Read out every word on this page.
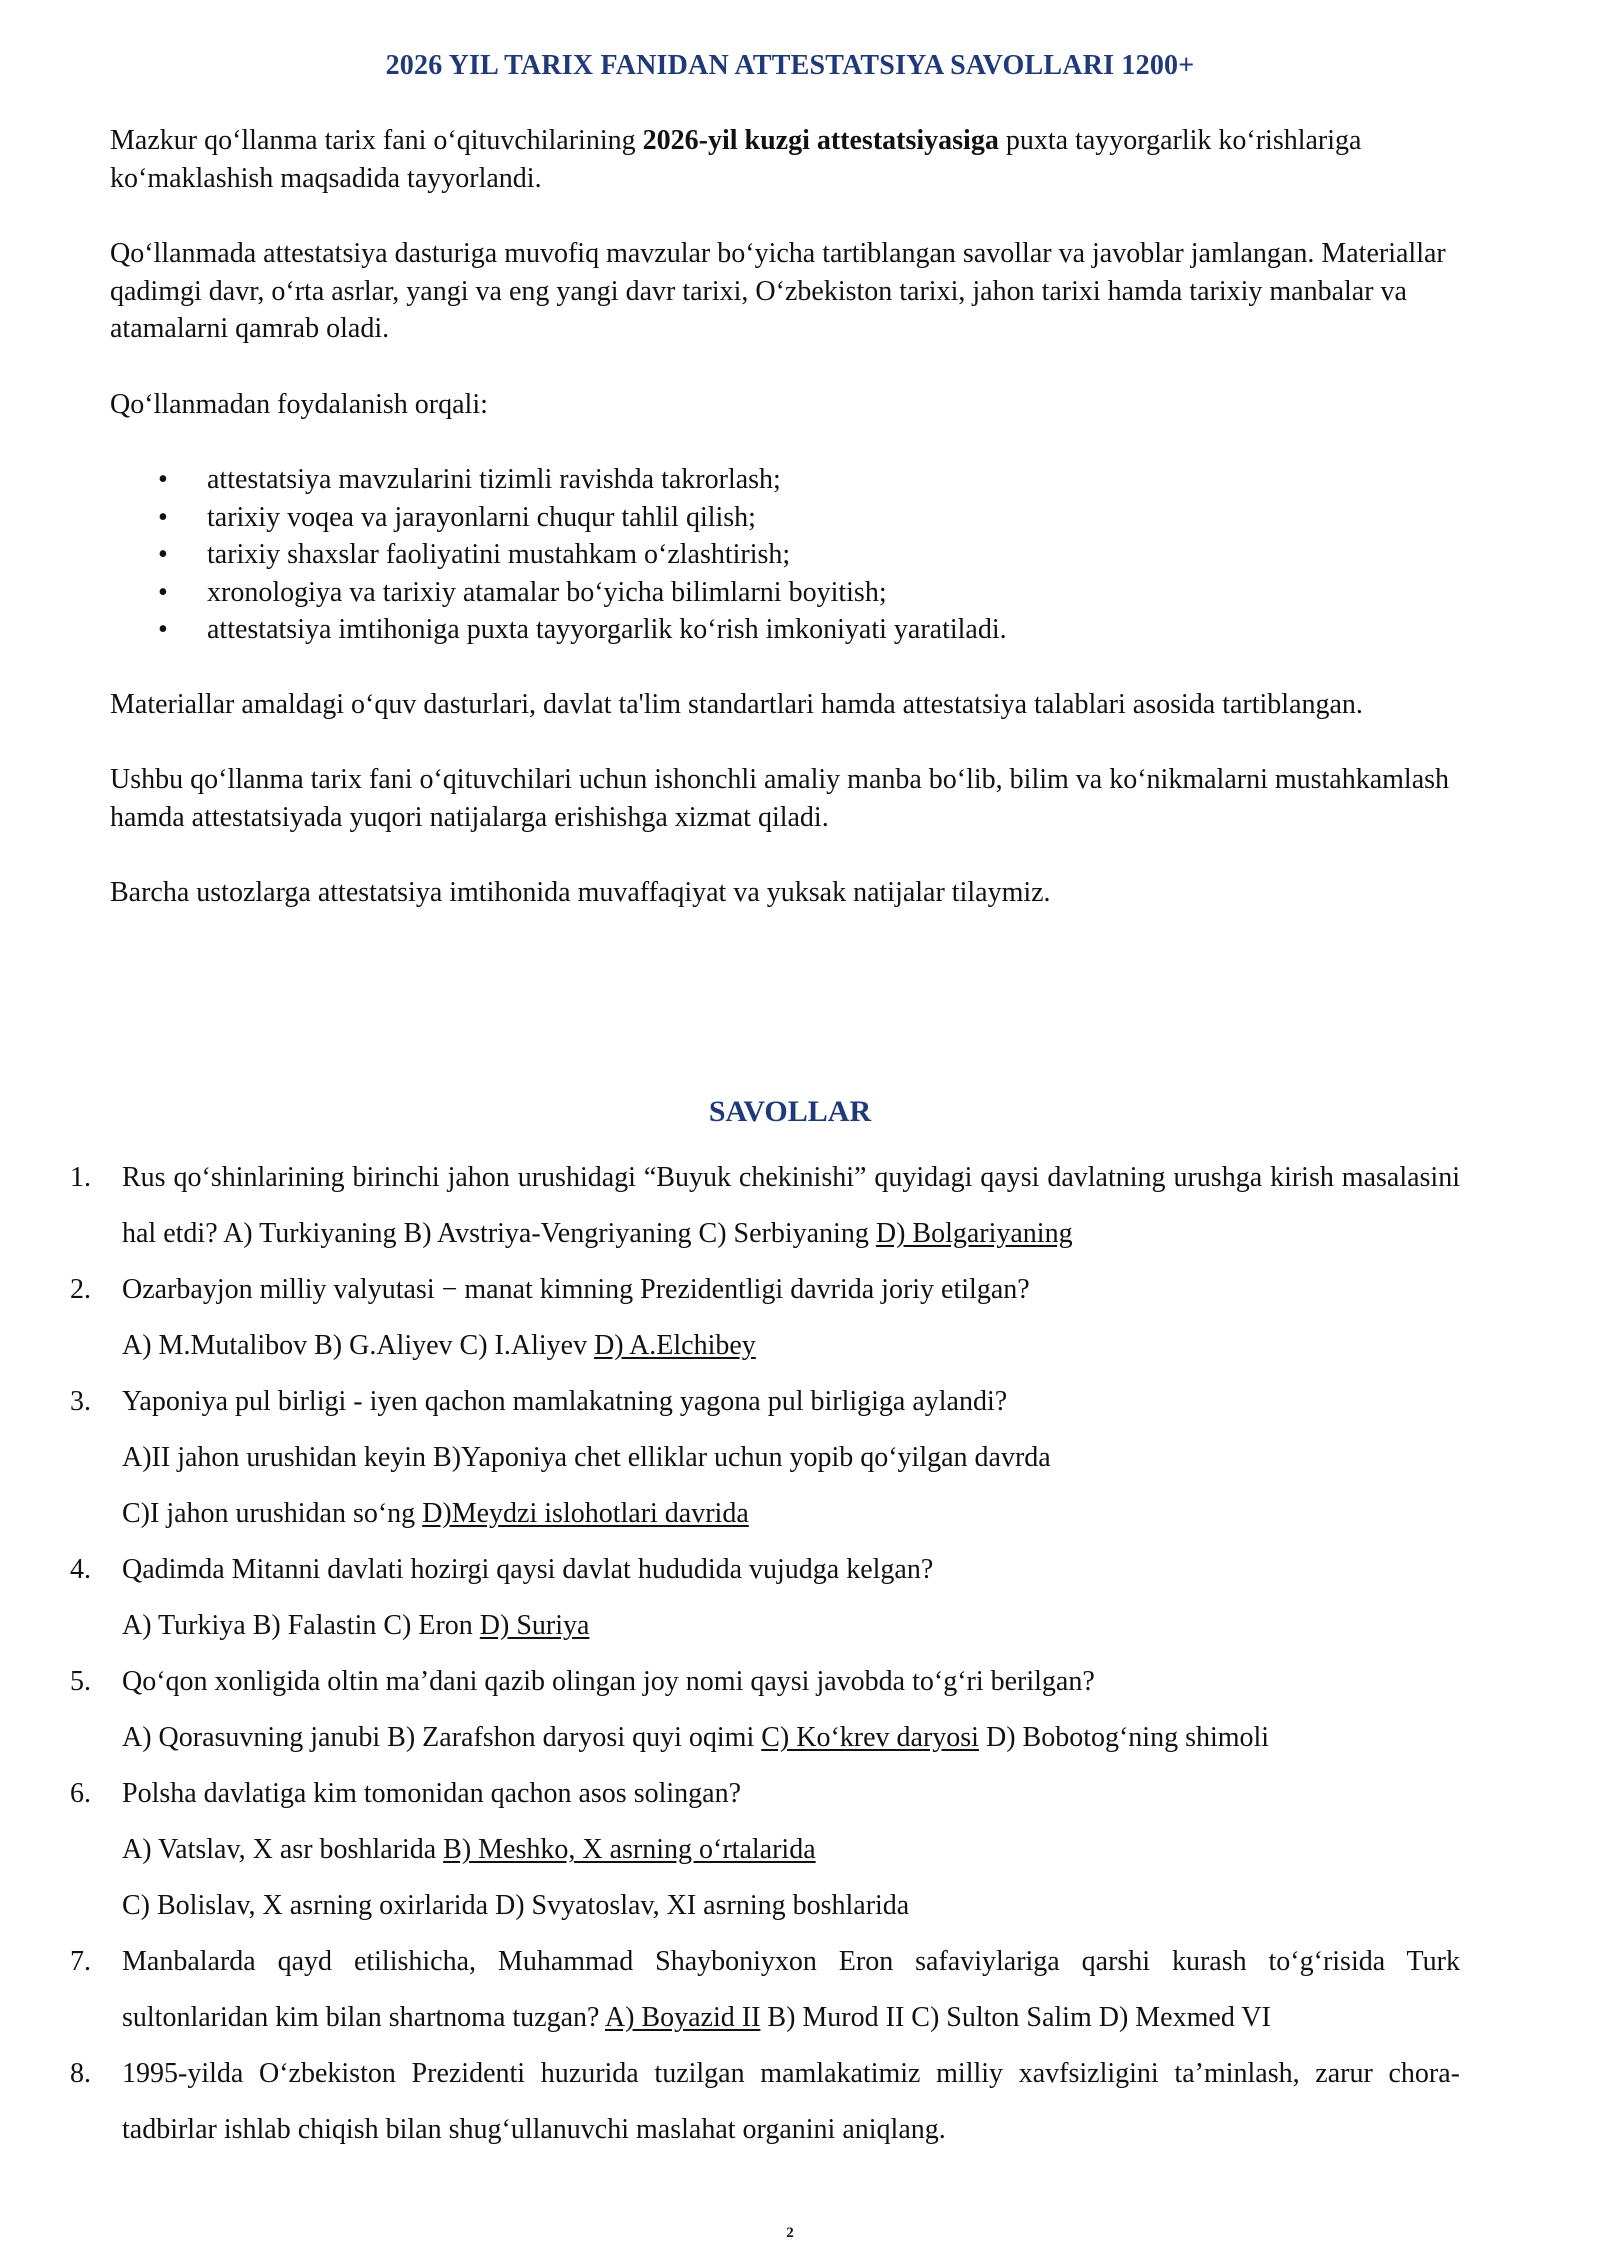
2026 YIL TARIX FANIDAN ATTESTATSIYA SAVOLLARI 1200+

Mazkur qo‘llanma tarix fani o‘qituvchilarining 2026-yil kuzgi attestatsiyasiga puxta tayyorgarlik ko‘rishlariga ko‘maklashish maqsadida tayyorlandi.

Qo‘llanmada attestatsiya dasturiga muvofiq mavzular bo‘yicha tartiblangan savollar va javoblar jamlangan. Materiallar qadimgi davr, o‘rta asrlar, yangi va eng yangi davr tarixi, O‘zbekiston tarixi, jahon tarixi hamda tarixiy manbalar va atamalarni qamrab oladi.

Qo‘llanmadan foydalanish orqali:

• attestatsiya mavzularini tizimli ravishda takrorlash;
• tarixiy voqea va jarayonlarni chuqur tahlil qilish;
• tarixiy shaxslar faoliyatini mustahkam o‘zlashtirish;
• xronologiya va tarixiy atamalar bo‘yicha bilimlarni boyitish;
• attestatsiya imtihoniga puxta tayyorgarlik ko‘rish imkoniyati yaratiladi.

Materiallar amaldagi o‘quv dasturlari, davlat ta'lim standartlari hamda attestatsiya talablari asosida tartiblangan.

Ushbu qo‘llanma tarix fani o‘qituvchilari uchun ishonchli amaliy manba bo‘lib, bilim va ko‘nikmalarni mustahkamlash hamda attestatsiyada yuqori natijalarga erishishga xizmat qiladi.

Barcha ustozlarga attestatsiya imtihonida muvaffaqiyat va yuksak natijalar tilaymiz.

SAVOLLAR
1. Rus qo‘shinlarining birinchi jahon urushidagi “Buyuk chekinishi” quyidagi qaysi davlatning urushga kirish masalasini hal etdi? A) Turkiyaning B) Avstriya-Vengriyaning C) Serbiyaning D) Bolgariyaning
2. Ozarbayjon milliy valyutasi − manat kimning Prezidentligi davrida joriy etilgan?
A) M.Mutalibov B) G.Aliyev C) I.Aliyev D) A.Elchibey
3. Yaponiya pul birligi - iyen qachon mamlakatning yagona pul birligiga aylandi?
A)II jahon urushidan keyin B)Yaponiya chet elliklar uchun yopib qo‘yilgan davrda
C)I jahon urushidan so‘ng D)Meydzi islohotlari davrida
4. Qadimda Mitanni davlati hozirgi qaysi davlat hududida vujudga kelgan?
A) Turkiya B) Falastin C) Eron D) Suriya
5. Qo‘qon xonligida oltin ma’dani qazib olingan joy nomi qaysi javobda to‘g‘ri berilgan?
A) Qorasuvning janubi B) Zarafshon daryosi quyi oqimi C) Ko‘krev daryosi D) Bobotog‘ning shimoli
6. Polsha davlatiga kim tomonidan qachon asos solingan?
A) Vatslav, X asr boshlarida B) Meshko, X asrning o‘rtalarida
C) Bolislav, X asrning oxirlarida D) Svyatoslav, XI asrning boshlarida
7. Manbalarda qayd etilishicha, Muhammad Shayboniyxon Eron safaviylariga qarshi kurash to‘g‘risida Turk sultonlaridan kim bilan shartnoma tuzgan? A) Boyazid II B) Murod II C) Sulton Salim D) Mexmed VI
8. 1995-yilda O‘zbekiston Prezidenti huzurida tuzilgan mamlakatimiz milliy xavfsizligini ta’minlash, zarur chora-tadbirlar ishlab chiqish bilan shug‘ullanuvchi maslahat organini aniqlang.
2
